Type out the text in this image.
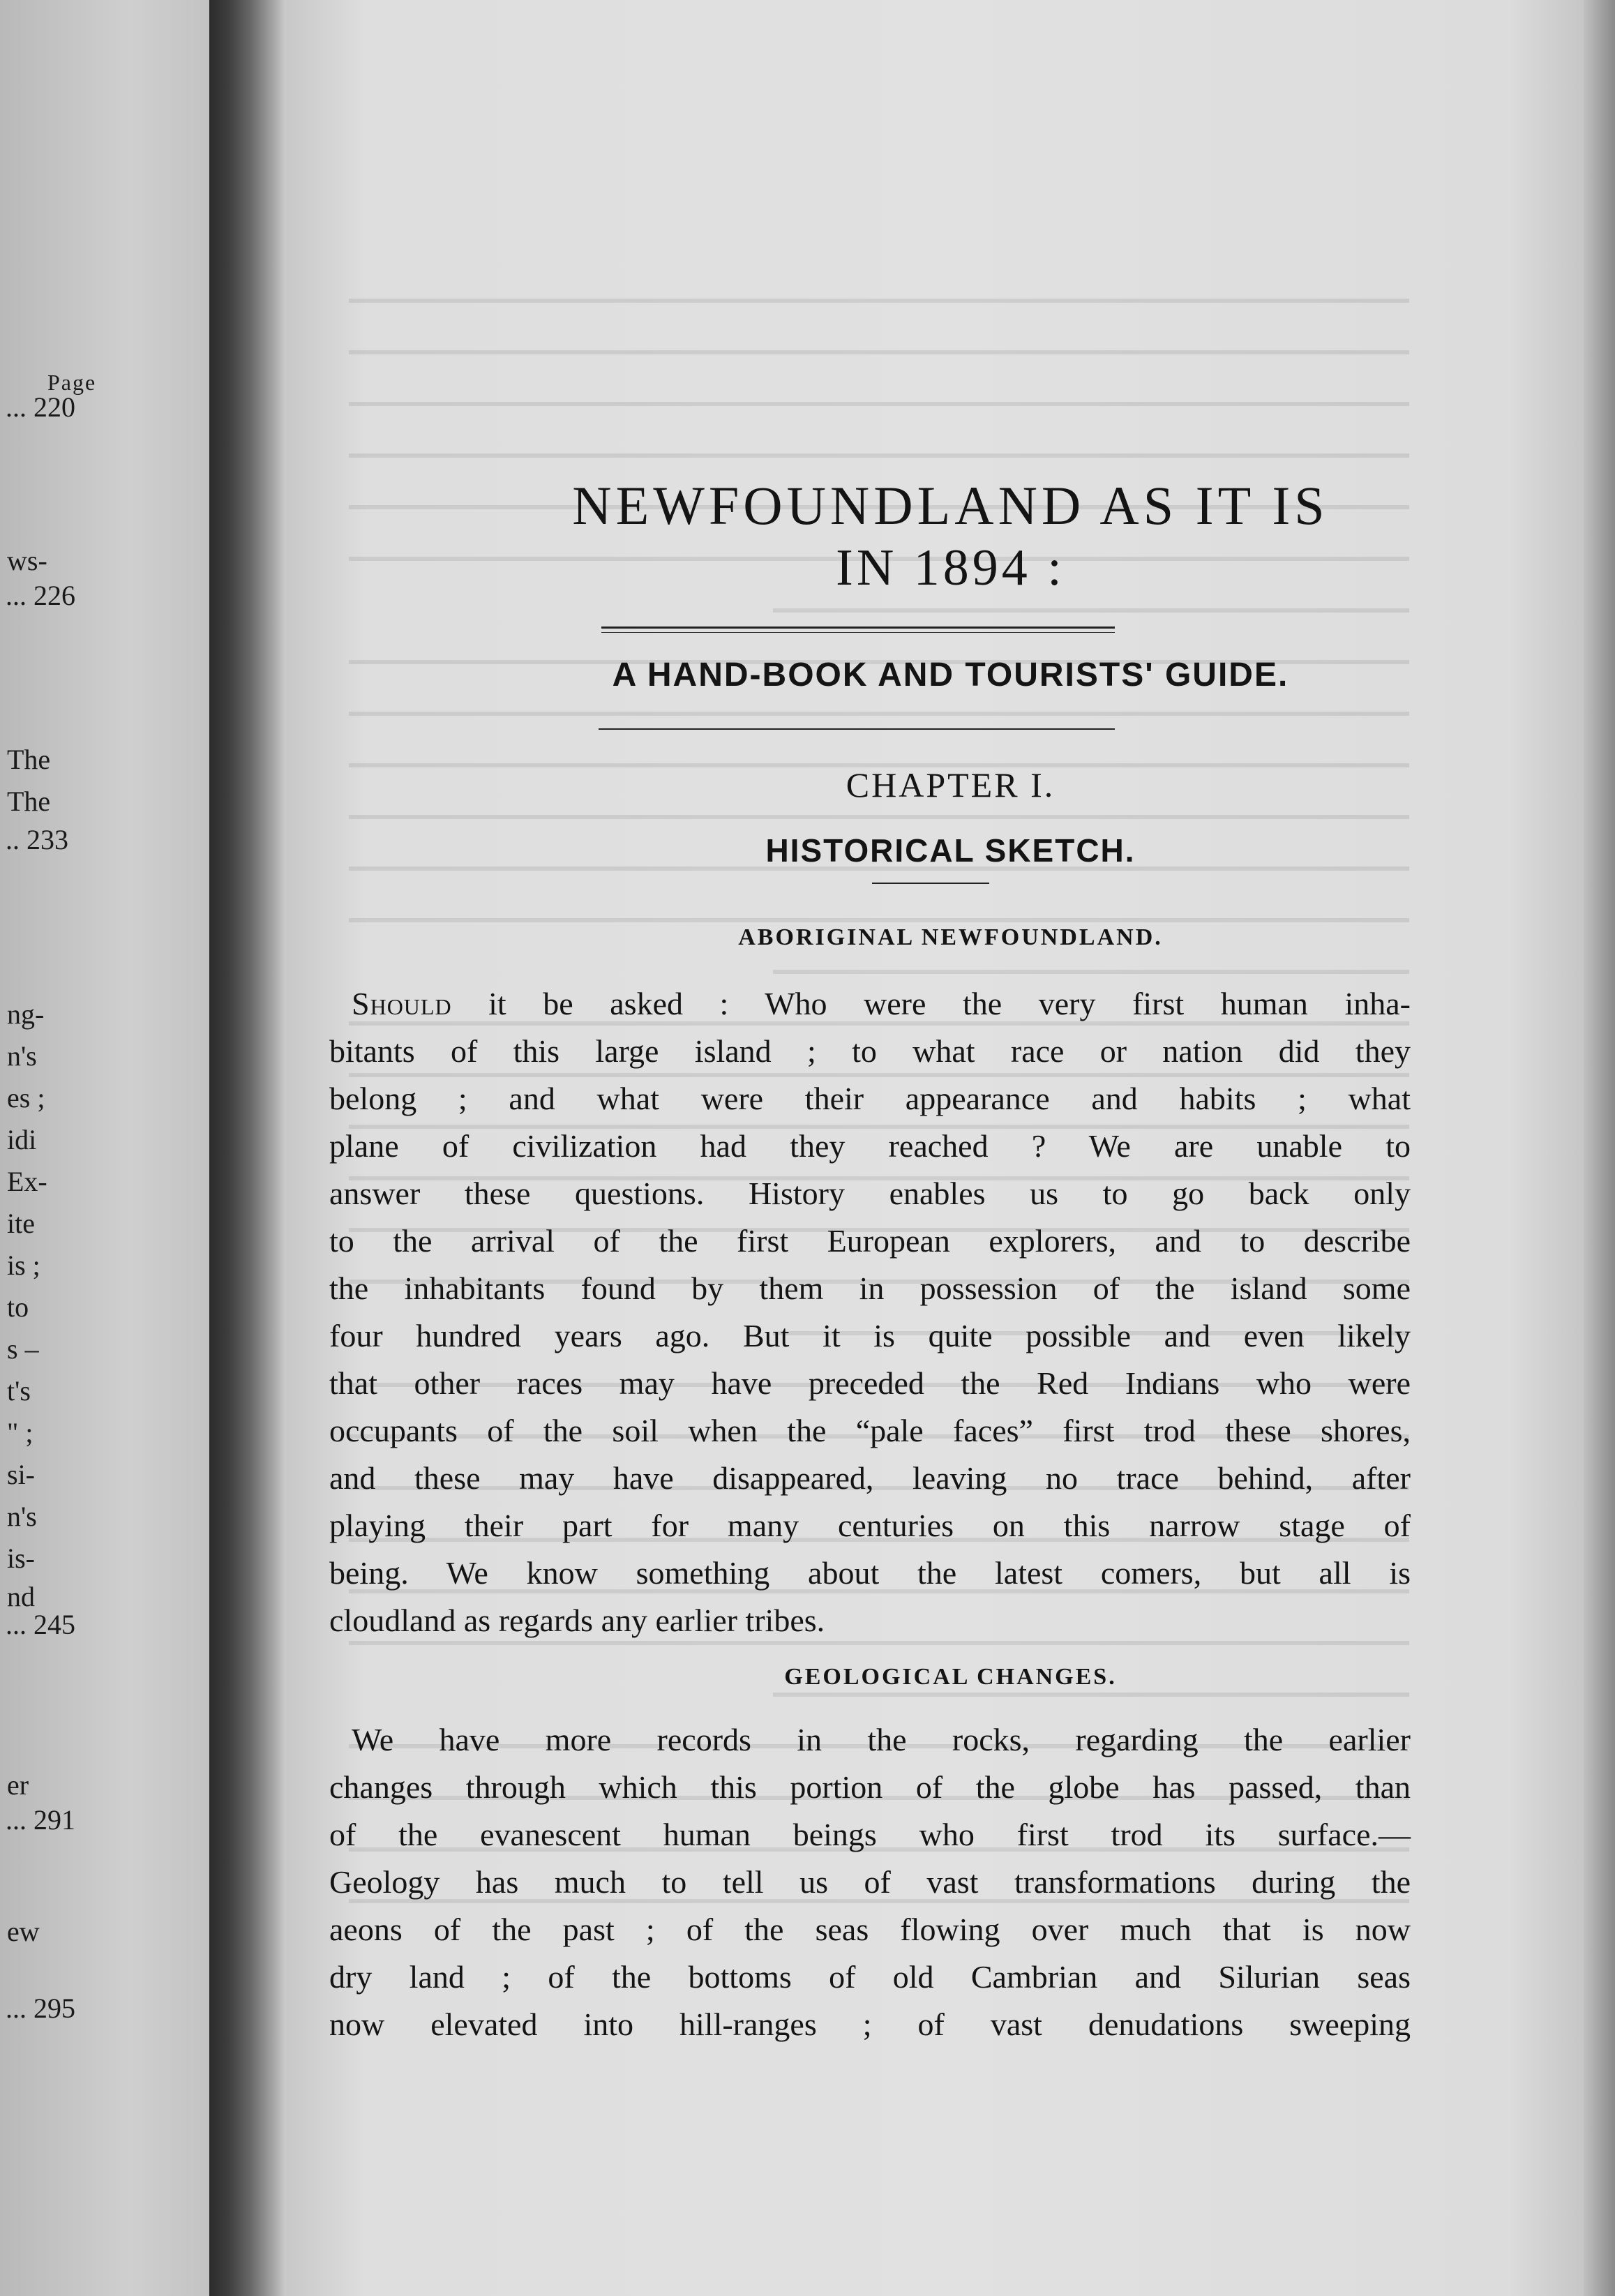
Page
... 220
ws-
... 226
The
The
.. 233
ng-
n's
es ;
idi
Ex-
ite
is ;
to
s –
t's
" ;
si-
n's
is-
nd
... 245
er
... 291
ew
... 295
NEWFOUNDLAND AS IT IS
IN 1894 :
A HAND-BOOK AND TOURISTS' GUIDE.
CHAPTER I.
HISTORICAL SKETCH.
ABORIGINAL NEWFOUNDLAND.
Should it be asked : Who were the very first human inha-
bitants of this large island ; to what race or nation did they
belong ; and what were their appearance and habits ; what
plane of civilization had they reached ? We are unable to
answer these questions. History enables us to go back only
to the arrival of the first European explorers, and to describe
the inhabitants found by them in possession of the island some
four hundred years ago. But it is quite possible and even likely
that other races may have preceded the Red Indians who were
occupants of the soil when the “pale faces” first trod these shores,
and these may have disappeared, leaving no trace behind, after
playing their part for many centuries on this narrow stage of
being. We know something about the latest comers, but all is
cloudland as regards any earlier tribes.
GEOLOGICAL CHANGES.
We have more records in the rocks, regarding the earlier
changes through which this portion of the globe has passed, than
of the evanescent human beings who first trod its surface.—
Geology has much to tell us of vast transformations during the
aeons of the past ; of the seas flowing over much that is now
dry land ; of the bottoms of old Cambrian and Silurian seas
now elevated into hill-ranges ; of vast denudations sweeping
